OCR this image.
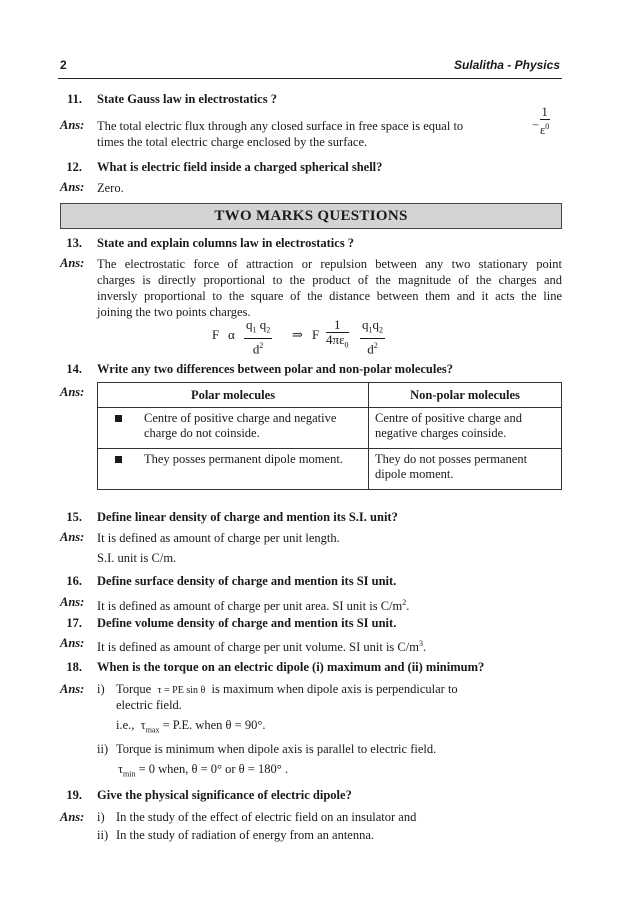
2	Sulalitha - Physics
11. State Gauss law in electrostatics ?
Ans: The total electric flux through any closed surface in free space is equal to	−
$\frac{1}{\varepsilon^0}$
times the total electric charge enclosed by the surface.
12. What is electric field inside a charged spherical shell?
Ans: Zero.
TWO MARKS QUESTIONS
13. State and explain columns law in electrostatics ?
Ans: The electrostatic force of attraction or repulsion between any two stationary point
charges is directly proportional to the product of the magnitude of the charges and
inversly proportional to the square of the distance between them and it acts the line
joining the two points charges.
F α $\frac{q_1 q_2}{d^2}$ ⇒ F $\frac{1}{4\pi\varepsilon_0} \frac{q_1q_2}{d^2}$
14. Write any two differences between polar and non-polar molecules?
Ans:	Polar molecules		Non-polar molecules
	Centre of positive charge and negative charge do not coinside.	Centre of positive charge and negative charges coinside.
	They posses permanent dipole moment.	They do not posses permanent dipole moment.
15. Define linear density of charge and mention its S.I. unit?
Ans: It is defined as amount of charge per unit length.
S.I. unit is C/m.
16. Define surface density of charge and mention its SI unit.
Ans: It is defined as amount of charge per unit area. SI unit is $C/m^2$.
17. Define volume density of charge and mention its SI unit.
Ans: It is defined as amount of charge per unit volume. SI unit is $C/m^3$.
18. When is the torque on an electric dipole (i) maximum and (ii) minimum?
Ans: i) Torque τ = PE sin θ is maximum when dipole axis is perpendicular to
electric field.
i.e., $\tau_{max} = P.E$. when θ = 90°.
ii) Torque is minimum when dipole axis is parallel to electric field.
$\tau_{min} = 0$ when, θ = 0° or θ = 180° .
19. Give the physical significance of electric dipole?
Ans: i) In the study of the effect of electric field on an insulator and
ii) In the study of radiation of energy from an antenna.
